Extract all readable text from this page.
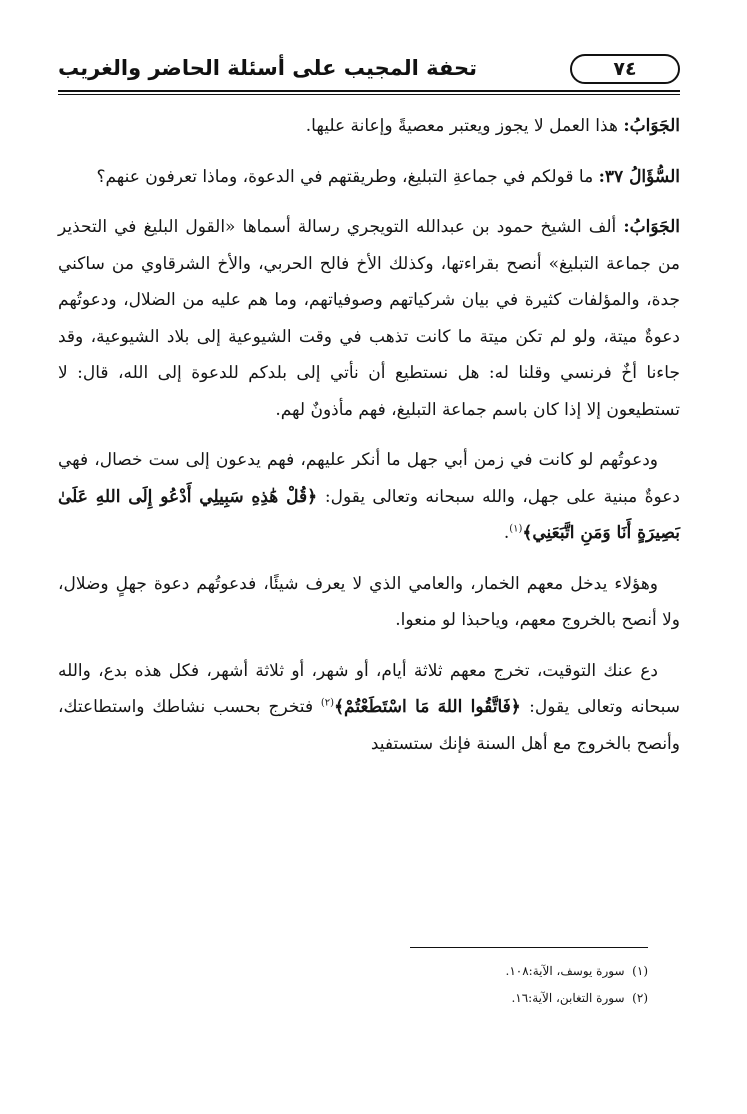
تحفة المجيب على أسئلة الحاضر والغريب	٧٤

الجَوَابُ: هذا العمل لا يجوز ويعتبر معصيةً وإعانة عليها.

السُّؤَالُ ٣٧: ما قولكم في جماعةِ التبليغ، وطريقتهم في الدعوة، وماذا تعرفون عنهم؟

الجَوَابُ: ألف الشيخ حمود بن عبدالله التويجري رسالة أسماها «القول البليغ في التحذير من جماعة التبليغ» أنصح بقراءتها، وكذلك الأخ فالح الحربي، والأخ الشرقاوي من ساكني جدة، والمؤلفات كثيرة في بيان شركياتهم وصوفياتهم، وما هم عليه من الضلال، ودعوتُهم دعوةٌ ميتة، ولو لم تكن ميتة ما كانت تذهب في وقت الشيوعية إلى بلاد الشيوعية، وقد جاءنا أخٌ فرنسي وقلنا له: هل نستطيع أن نأتي إلى بلدكم للدعوة إلى الله، قال: لا تستطيعون إلا إذا كان باسم جماعة التبليغ، فهم مأذونٌ لهم.

ودعوتُهم لو كانت في زمن أبي جهل ما أنكر عليهم، فهم يدعون إلى ست خصال، فهي دعوةٌ مبنية على جهل، والله سبحانه وتعالى يقول: ﴿قُلْ هَٰذِهِ سَبِيلِي أَدْعُو إِلَى اللهِ عَلَىٰ بَصِيرَةٍ أَنَا وَمَنِ اتَّبَعَنِي﴾$^{(١)}$.

وهؤلاء يدخل معهم الخمار، والعامي الذي لا يعرف شيئًا، فدعوتُهم دعوة جهلٍ وضلال، ولا أنصح بالخروج معهم، وياحبذا لو منعوا.

دع عنك التوقيت، تخرج معهم ثلاثة أيام، أو شهر، أو ثلاثة أشهر، فكل هذه بدع، والله سبحانه وتعالى يقول: ﴿فَاتَّقُوا اللهَ مَا اسْتَطَعْتُمْ﴾$^{(٢)}$ فتخرج بحسب نشاطك واستطاعتك، وأنصح بالخروج مع أهل السنة فإنك ستستفيد

(١)  سورة يوسف، الآية:١٠٨.
(٢)  سورة التغابن، الآية:١٦.
